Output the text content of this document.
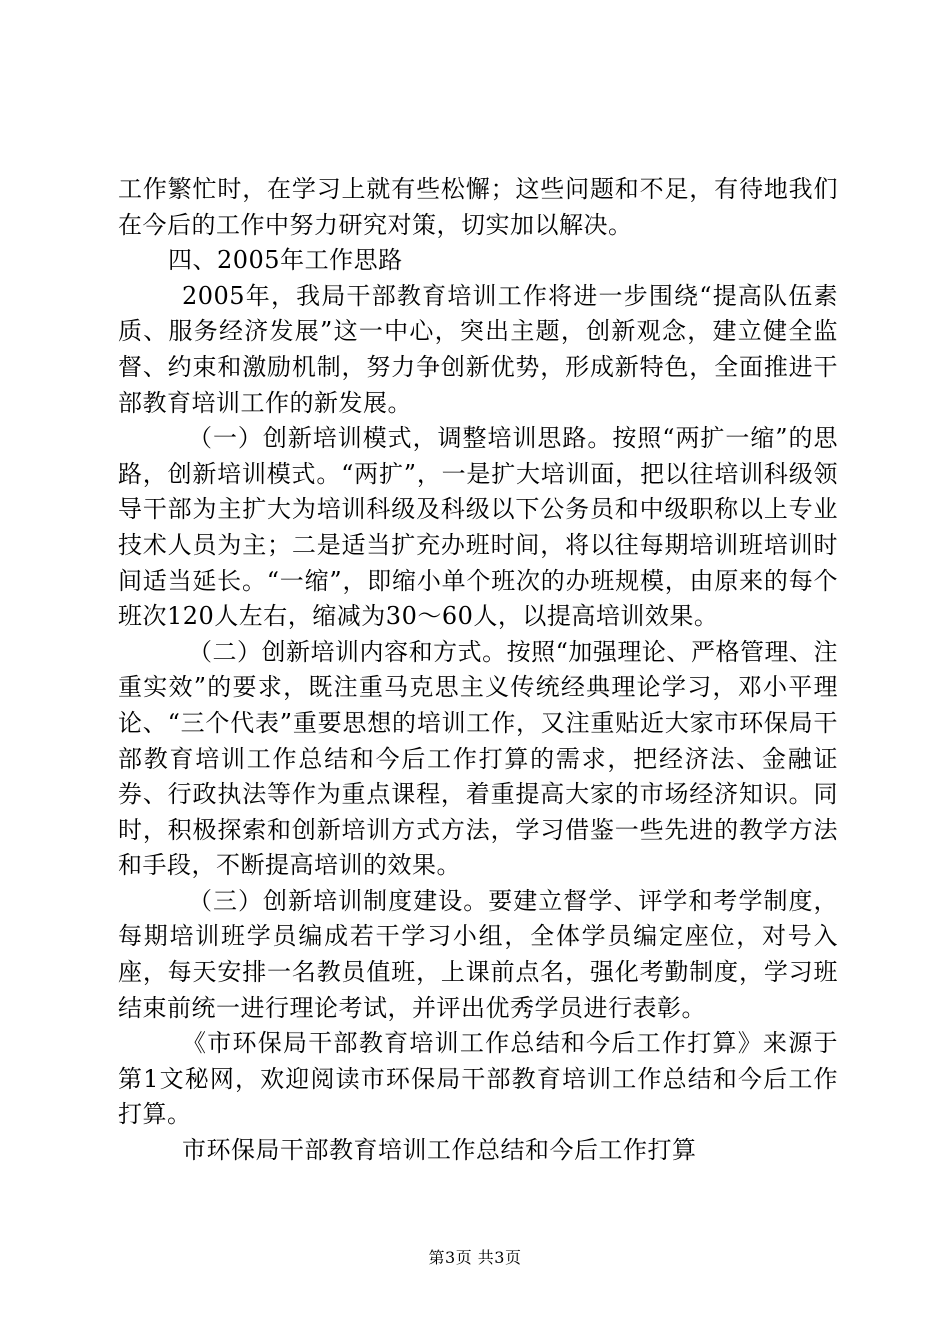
工作繁忙时，在学习上就有些松懈；这些问题和不足，有待地我们在今后的工作中努力研究对策，切实加以解决。

四、2005年工作思路

2005年，我局干部教育培训工作将进一步围绕“提高队伍素质、服务经济发展”这一中心，突出主题，创新观念，建立健全监督、约束和激励机制，努力争创新优势，形成新特色，全面推进干部教育培训工作的新发展。

（一）创新培训模式，调整培训思路。按照“两扩一缩”的思路，创新培训模式。“两扩”，一是扩大培训面，把以往培训科级领导干部为主扩大为培训科级及科级以下公务员和中级职称以上专业技术人员为主；二是适当扩充办班时间，将以往每期培训班培训时间适当延长。“一缩”，即缩小单个班次的办班规模，由原来的每个班次120人左右，缩减为30～60人，以提高培训效果。

（二）创新培训内容和方式。按照“加强理论、严格管理、注重实效”的要求，既注重马克思主义传统经典理论学习，邓小平理论、“三个代表”重要思想的培训工作，又注重贴近大家市环保局干部教育培训工作总结和今后工作打算的需求，把经济法、金融证券、行政执法等作为重点课程，着重提高大家的市场经济知识。同时，积极探索和创新培训方式方法，学习借鉴一些先进的教学方法和手段，不断提高培训的效果。

（三）创新培训制度建设。要建立督学、评学和考学制度，每期培训班学员编成若干学习小组，全体学员编定座位，对号入座，每天安排一名教员值班，上课前点名，强化考勤制度，学习班结束前统一进行理论考试，并评出优秀学员进行表彰。

《市环保局干部教育培训工作总结和今后工作打算》来源于第1文秘网，欢迎阅读市环保局干部教育培训工作总结和今后工作打算。

市环保局干部教育培训工作总结和今后工作打算

第3页 共3页
